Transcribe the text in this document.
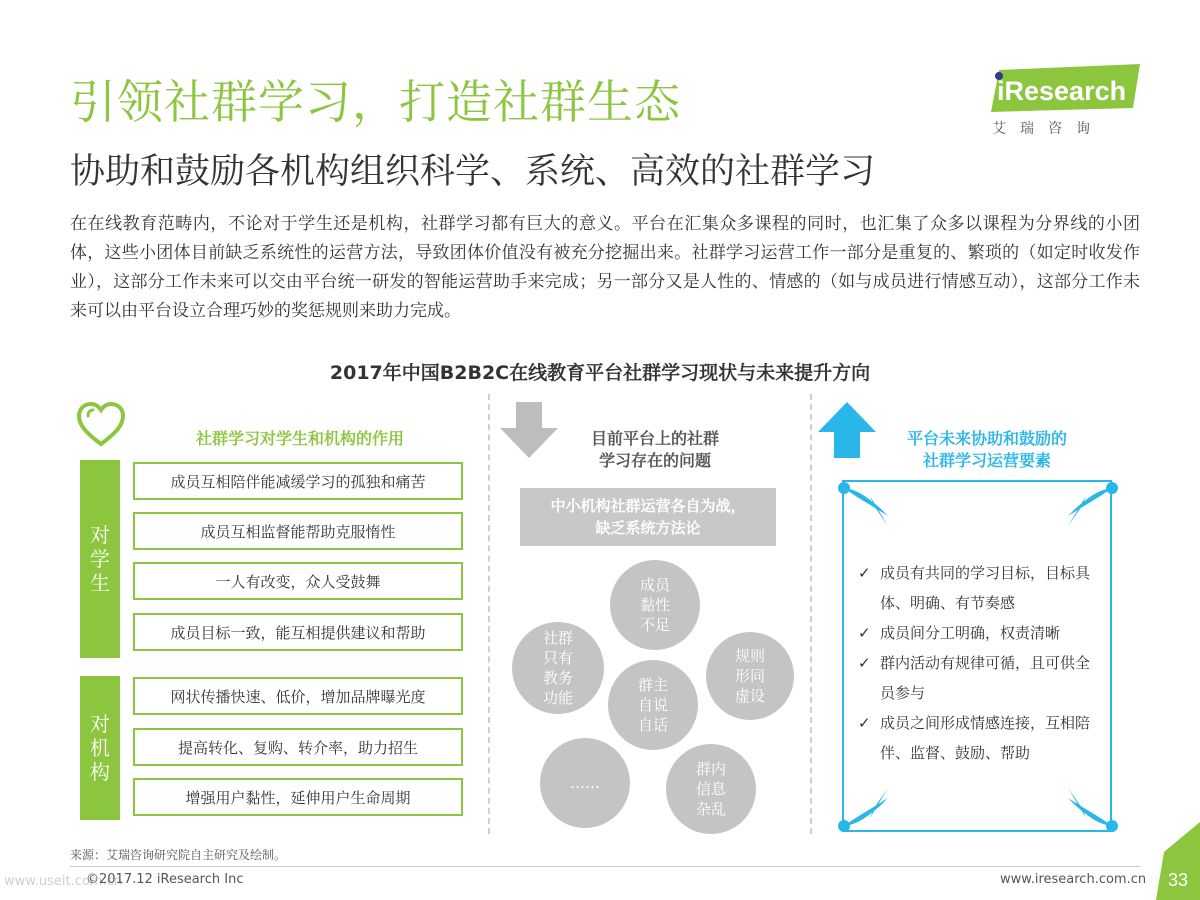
引领社群学习，打造社群生态
协助和鼓励各机构组织科学、系统、高效的社群学习
iResearch
艾瑞咨询
在在线教育范畴内，不论对于学生还是机构，社群学习都有巨大的意义。平台在汇集众多课程的同时，也汇集了众多以课程为分界线的小团体，这些小团体目前缺乏系统性的运营方法，导致团体价值没有被充分挖掘出来。社群学习运营工作一部分是重复的、繁琐的（如定时收发作业），这部分工作未来可以交由平台统一研发的智能运营助手来完成；另一部分又是人性的、情感的（如与成员进行情感互动），这部分工作未来可以由平台设立合理巧妙的奖惩规则来助力完成。
2017年中国B2B2C在线教育平台社群学习现状与未来提升方向
社群学习对学生和机构的作用
对
学
生
对
机
构
成员互相陪伴能减缓学习的孤独和痛苦
成员互相监督能帮助克服惰性
一人有改变，众人受鼓舞
成员目标一致，能互相提供建议和帮助
网状传播快速、低价，增加品牌曝光度
提高转化、复购、转介率，助力招生
增强用户黏性，延伸用户生命周期
目前平台上的社群
学习存在的问题
中小机构社群运营各自为战，
缺乏系统方法论
成员
黏性
不足
社群
只有
教务
功能
规则
形同
虚设
群主
自说
自话
……
群内
信息
杂乱
平台未来协助和鼓励的
社群学习运营要素
✓ 成员有共同的学习目标，目标具体、明确、有节奏感
✓ 成员间分工明确，权责清晰
✓ 群内活动有规律可循，且可供全员参与
✓ 成员之间形成情感连接，互相陪伴、监督、鼓励、帮助
来源：艾瑞咨询研究院自主研究及绘制。
www.useit.com.cn
©2017.12 iResearch Inc	www.iresearch.com.cn 33
